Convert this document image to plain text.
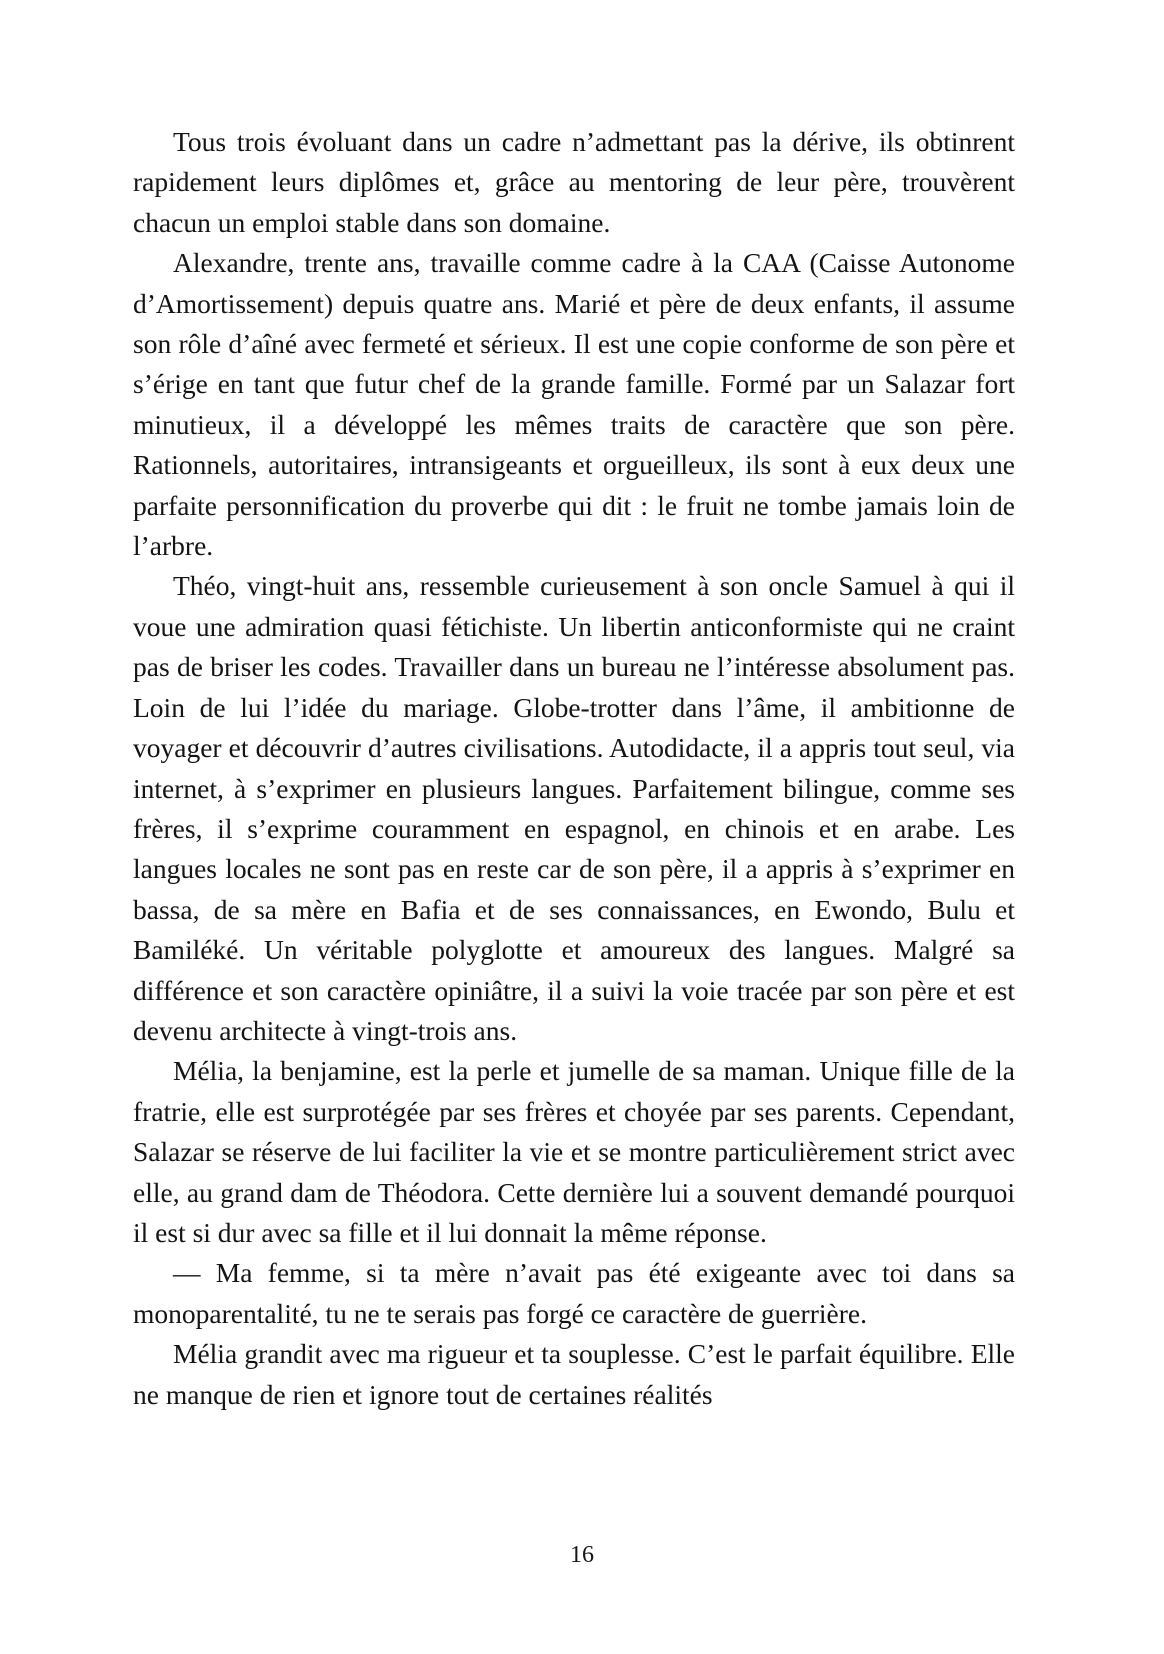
Tous trois évoluant dans un cadre n’admettant pas la dérive, ils obtinrent rapidement leurs diplômes et, grâce au mentoring de leur père, trouvèrent chacun un emploi stable dans son domaine.

Alexandre, trente ans, travaille comme cadre à la CAA (Caisse Autonome d’Amortissement) depuis quatre ans. Marié et père de deux enfants, il assume son rôle d’aîné avec fermeté et sérieux. Il est une copie conforme de son père et s’érige en tant que futur chef de la grande famille. Formé par un Salazar fort minutieux, il a développé les mêmes traits de caractère que son père. Rationnels, autoritaires, intransigeants et orgueilleux, ils sont à eux deux une parfaite personnification du proverbe qui dit : le fruit ne tombe jamais loin de l’arbre.

Théo, vingt-huit ans, ressemble curieusement à son oncle Samuel à qui il voue une admiration quasi fétichiste. Un libertin anticonformiste qui ne craint pas de briser les codes. Travailler dans un bureau ne l’intéresse absolument pas. Loin de lui l’idée du mariage. Globe-trotter dans l’âme, il ambitionne de voyager et découvrir d’autres civilisations. Autodidacte, il a appris tout seul, via internet, à s’exprimer en plusieurs langues. Parfaitement bilingue, comme ses frères, il s’exprime couramment en espagnol, en chinois et en arabe. Les langues locales ne sont pas en reste car de son père, il a appris à s’exprimer en bassa, de sa mère en Bafia et de ses connaissances, en Ewondo, Bulu et Bamiléké. Un véritable polyglotte et amoureux des langues. Malgré sa différence et son caractère opiniâtre, il a suivi la voie tracée par son père et est devenu architecte à vingt-trois ans.

Mélia, la benjamine, est la perle et jumelle de sa maman. Unique fille de la fratrie, elle est surprotégée par ses frères et choyée par ses parents. Cependant, Salazar se réserve de lui faciliter la vie et se montre particulièrement strict avec elle, au grand dam de Théodora. Cette dernière lui a souvent demandé pourquoi il est si dur avec sa fille et il lui donnait la même réponse.

— Ma femme, si ta mère n’avait pas été exigeante avec toi dans sa monoparentalité, tu ne te serais pas forgé ce caractère de guerrière.

Mélia grandit avec ma rigueur et ta souplesse. C’est le parfait équilibre. Elle ne manque de rien et ignore tout de certaines réalités

16
